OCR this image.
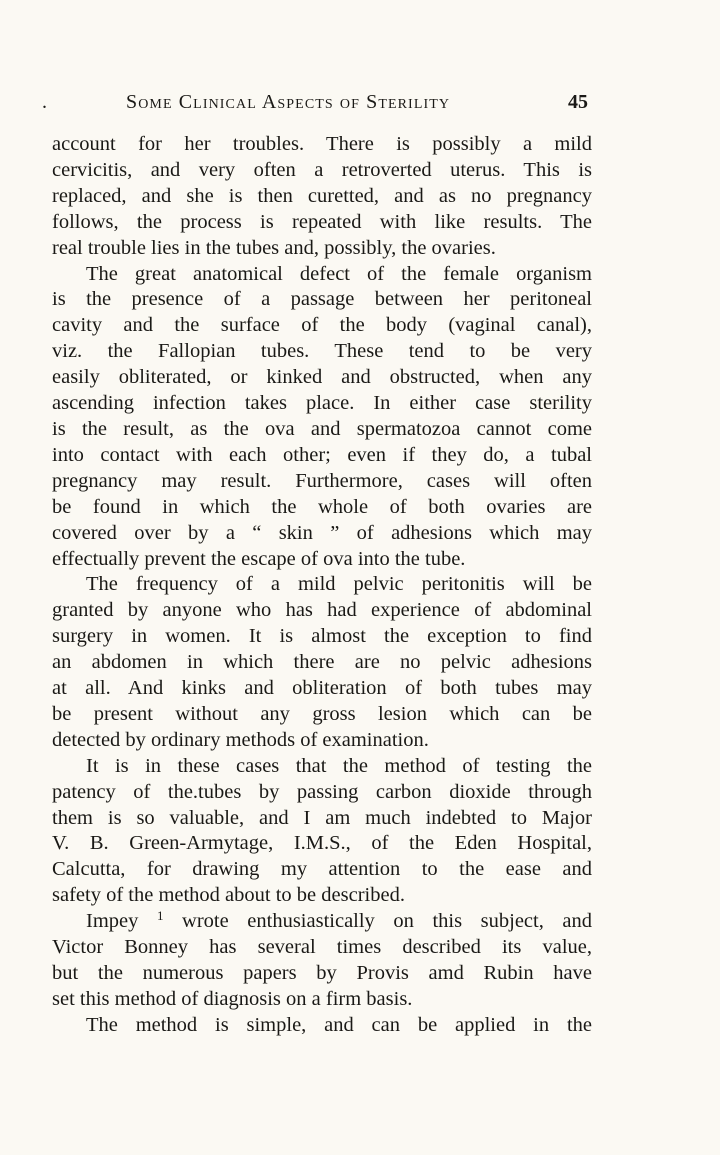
.	Some Clinical Aspects of Sterility	45
account for her troubles. There is possibly a mild
cervicitis, and very often a retroverted uterus. This is
replaced, and she is then curetted, and as no pregnancy
follows, the process is repeated with like results. The
real trouble lies in the tubes and, possibly, the ovaries.
The great anatomical defect of the female organism
is the presence of a passage between her peritoneal
cavity and the surface of the body (vaginal canal),
viz. the Fallopian tubes. These tend to be very
easily obliterated, or kinked and obstructed, when any
ascending infection takes place. In either case sterility
is the result, as the ova and spermatozoa cannot come
into contact with each other; even if they do, a tubal
pregnancy may result. Furthermore, cases will often
be found in which the whole of both ovaries are
covered over by a “ skin ” of adhesions which may
effectually prevent the escape of ova into the tube.
The frequency of a mild pelvic peritonitis will be
granted by anyone who has had experience of abdominal
surgery in women. It is almost the exception to find
an abdomen in which there are no pelvic adhesions
at all. And kinks and obliteration of both tubes may
be present without any gross lesion which can be
detected by ordinary methods of examination.
It is in these cases that the method of testing the
patency of the.tubes by passing carbon dioxide through
them is so valuable, and I am much indebted to Major
V. B. Green-Armytage, I.M.S., of the Eden Hospital,
Calcutta, for drawing my attention to the ease and
safety of the method about to be described.
Impey $^1$ wrote enthusiastically on this subject, and
Victor Bonney has several times described its value,
but the numerous papers by Provis amd Rubin have
set this method of diagnosis on a firm basis.
The method is simple, and can be applied in the
